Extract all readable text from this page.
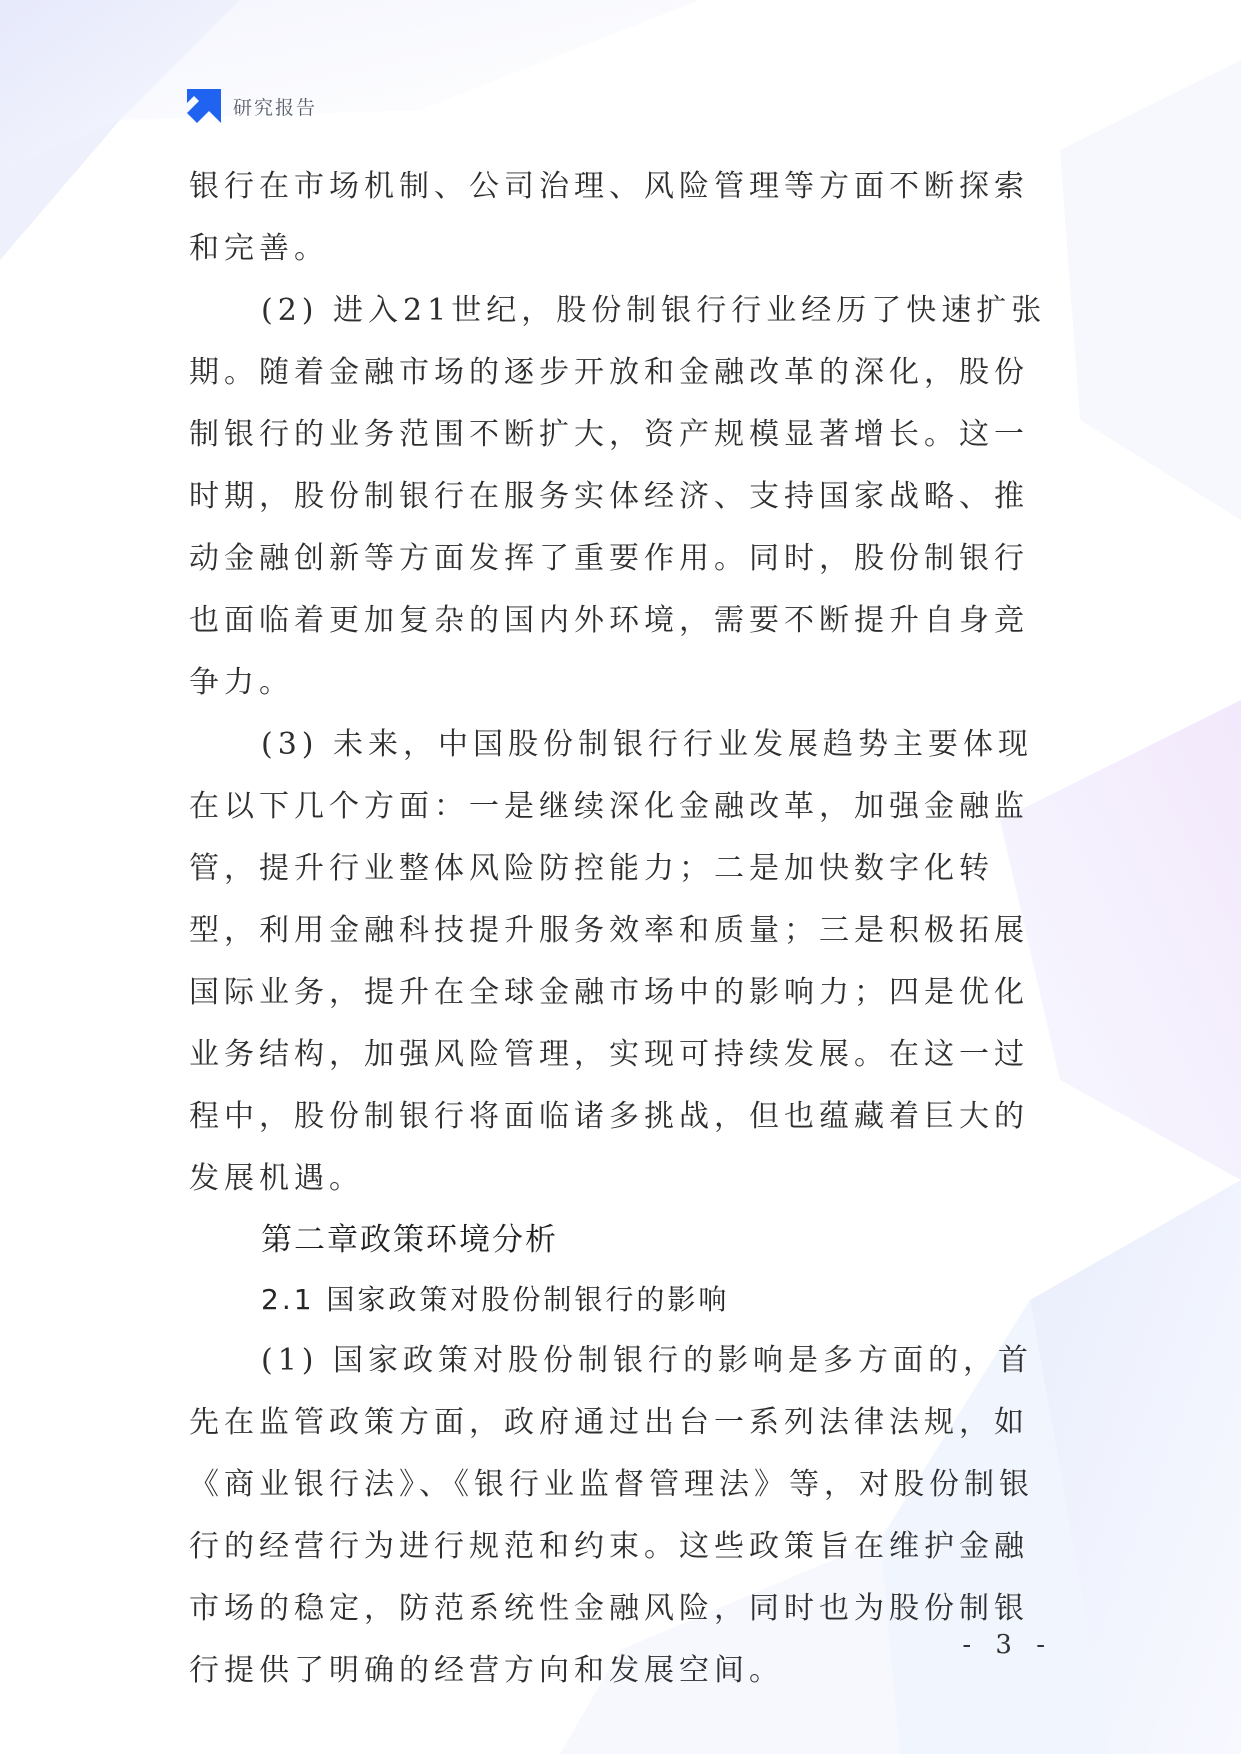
研究报告

银行在市场机制、公司治理、风险管理等方面不断探索和完善。

(2) 进入21世纪，股份制银行行业经历了快速扩张期。随着金融市场的逐步开放和金融改革的深化，股份制银行的业务范围不断扩大，资产规模显著增长。这一时期，股份制银行在服务实体经济、支持国家战略、推动金融创新等方面发挥了重要作用。同时，股份制银行也面临着更加复杂的国内外环境，需要不断提升自身竞争力。

(3) 未来，中国股份制银行行业发展趋势主要体现在以下几个方面：一是继续深化金融改革，加强金融监管，提升行业整体风险防控能力；二是加快数字化转型，利用金融科技提升服务效率和质量；三是积极拓展国际业务，提升在全球金融市场中的影响力；四是优化业务结构，加强风险管理，实现可持续发展。在这一过程中，股份制银行将面临诸多挑战，但也蕴藏着巨大的发展机遇。

第二章政策环境分析

2.1 国家政策对股份制银行的影响

(1) 国家政策对股份制银行的影响是多方面的，首先在监管政策方面，政府通过出台一系列法律法规，如《商业银行法》、《银行业监督管理法》等，对股份制银行的经营行为进行规范和约束。这些政策旨在维护金融市场的稳定，防范系统性金融风险，同时也为股份制银行提供了明确的经营方向和发展空间。

- 3 -
